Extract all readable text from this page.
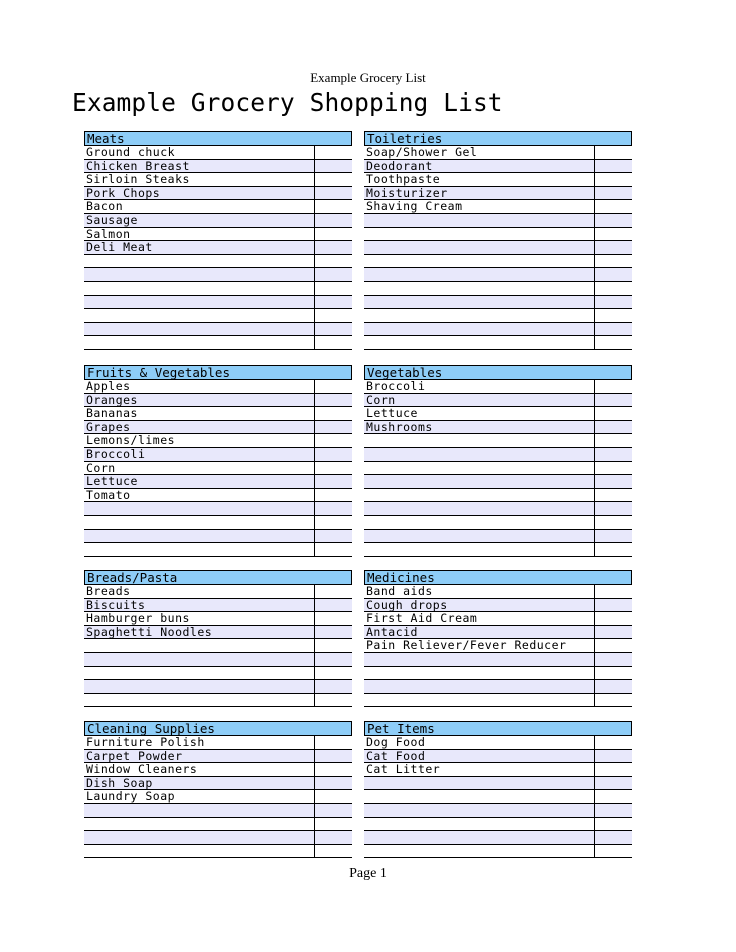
Example Grocery List
Example Grocery Shopping List
Meats
Ground chuck
Chicken Breast
Sirloin Steaks
Pork Chops
Bacon
Sausage
Salmon
Deli Meat
Toiletries
Soap/Shower Gel
Deodorant
Toothpaste
Moisturizer
Shaving Cream
Fruits & Vegetables
Apples
Oranges
Bananas
Grapes
Lemons/limes
Broccoli
Corn
Lettuce
Tomato
Vegetables
Broccoli
Corn
Lettuce
Mushrooms
Breads/Pasta
Breads
Biscuits
Hamburger buns
Spaghetti Noodles
Medicines
Band aids
Cough drops
First Aid Cream
Antacid
Pain Reliever/Fever Reducer
Cleaning Supplies
Furniture Polish
Carpet Powder
Window Cleaners
Dish Soap
Laundry Soap
Pet Items
Dog Food
Cat Food
Cat Litter
Page 1
